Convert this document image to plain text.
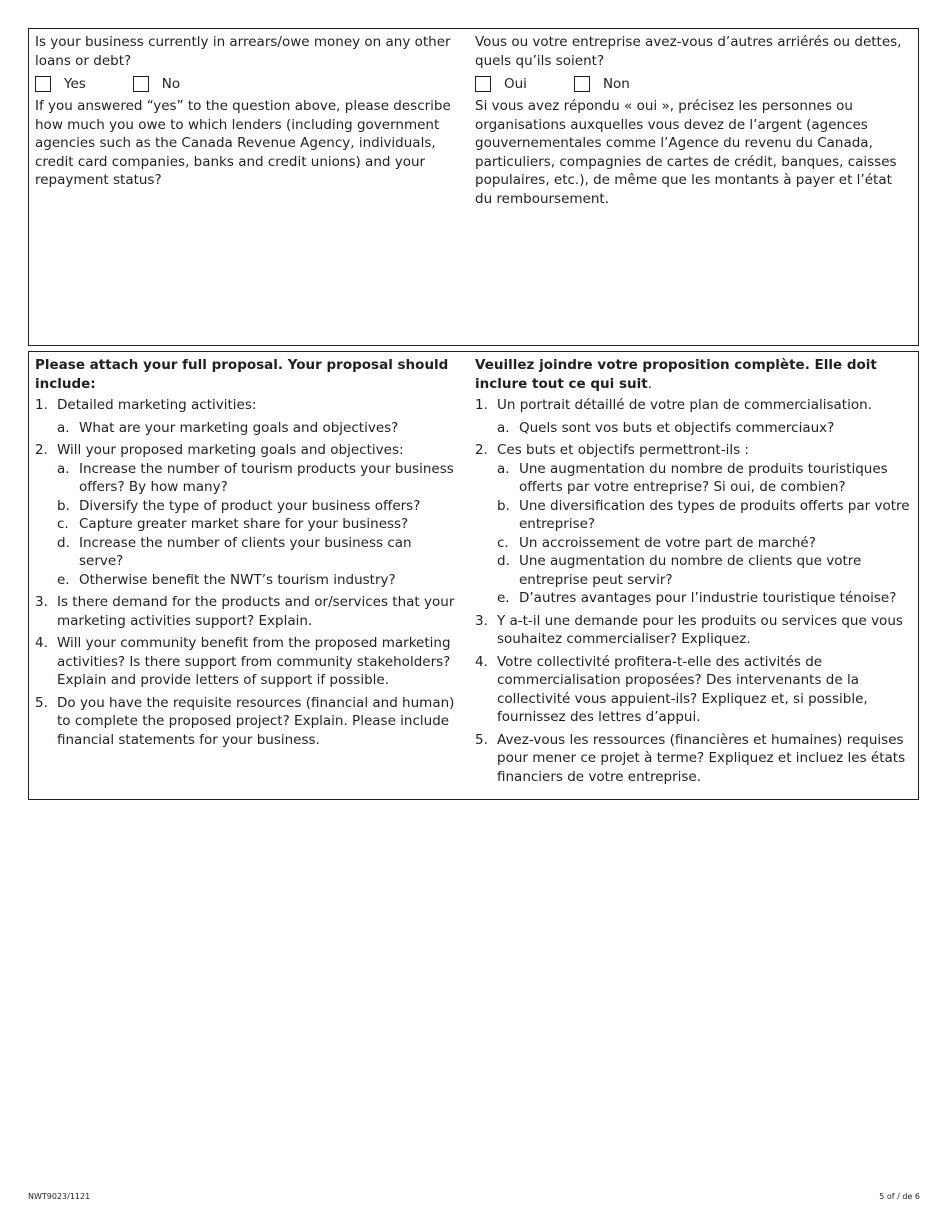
Is your business currently in arrears/owe money on any other loans or debt?

Yes	No

If you answered “yes” to the question above, please describe how much you owe to which lenders (including government agencies such as the Canada Revenue Agency, individuals, credit card companies, banks and credit unions) and your repayment status?

Vous ou votre entreprise avez-vous d’autres arriérés ou dettes, quels qu’ils soient?

Oui	Non

Si vous avez répondu « oui », précisez les personnes ou organisations auxquelles vous devez de l’argent (agences gouvernementales comme l’Agence du revenu du Canada, particuliers, compagnies de cartes de crédit, banques, caisses populaires, etc.), de même que les montants à payer et l’état du remboursement.

Please attach your full proposal. Your proposal should include:

1. Detailed marketing activities:
a. What are your marketing goals and objectives?
2. Will your proposed marketing goals and objectives:
a. Increase the number of tourism products your business offers? By how many?
b. Diversify the type of product your business offers?
c. Capture greater market share for your business?
d. Increase the number of clients your business can serve?
e. Otherwise benefit the NWT’s tourism industry?
3. Is there demand for the products and or/services that your marketing activities support? Explain.
4. Will your community benefit from the proposed marketing activities? Is there support from community stakeholders? Explain and provide letters of support if possible.
5. Do you have the requisite resources (financial and human) to complete the proposed project? Explain. Please include financial statements for your business.

Veuillez joindre votre proposition complète. Elle doit inclure tout ce qui suit.

1. Un portrait détaillé de votre plan de commercialisation.
a. Quels sont vos buts et objectifs commerciaux?
2. Ces buts et objectifs permettront-ils :
a. Une augmentation du nombre de produits touristiques offerts par votre entreprise? Si oui, de combien?
b. Une diversification des types de produits offerts par votre entreprise?
c. Un accroissement de votre part de marché?
d. Une augmentation du nombre de clients que votre entreprise peut servir?
e. D’autres avantages pour l’industrie touristique ténoise?
3. Y a-t-il une demande pour les produits ou services que vous souhaitez commercialiser? Expliquez.
4. Votre collectivité profitera-t-elle des activités de commercialisation proposées? Des intervenants de la collectivité vous appuient-ils? Expliquez et, si possible, fournissez des lettres d’appui.
5. Avez-vous les ressources (financières et humaines) requises pour mener ce projet à terme? Expliquez et incluez les états financiers de votre entreprise.
NWT9023/1121	5 of / de 6
